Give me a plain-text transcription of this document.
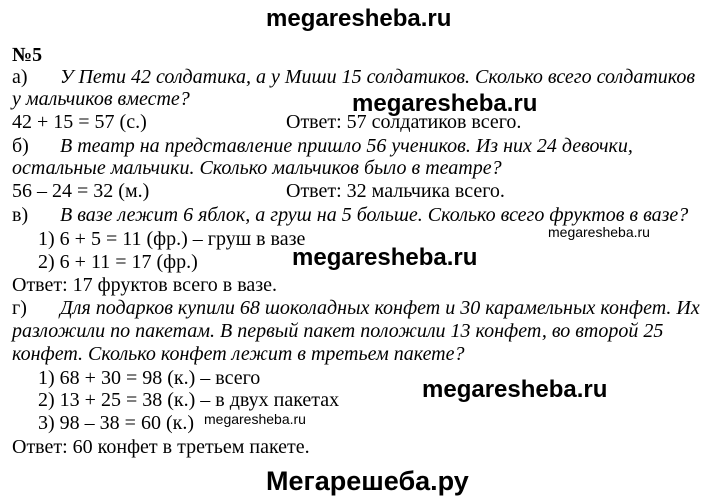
megaresheba.ru
№5
а) У Пети 42 солдатика, а у Миши 15 солдатиков. Сколько всего солдатиков
у мальчиков вместе?
42 + 15 = 57 (с.)	Ответ: 57 солдатиков всего.
megaresheba.ru
б) В театр на представление пришло 56 учеников. Из них 24 девочки,
остальные мальчики. Сколько мальчиков было в театре?
56 – 24 = 32 (м.)	Ответ: 32 мальчика всего.
в) В вазе лежит 6 яблок, а груш на 5 больше. Сколько всего фруктов в вазе?
megaresheba.ru
1) 6 + 5 = 11 (фр.) – груш в вазе
2) 6 + 11 = 17 (фр.)	megaresheba.ru
Ответ: 17 фруктов всего в вазе.
г) Для подарков купили 68 шоколадных конфет и 30 карамельных конфет. Их
разложили по пакетам. В первый пакет положили 13 конфет, во второй 25
конфет. Сколько конфет лежит в третьем пакете?
1) 68 + 30 = 98 (к.) – всего	megaresheba.ru
2) 13 + 25 = 38 (к.) – в двух пакетах
megaresheba.ru
3) 98 – 38 = 60 (к.)
Ответ: 60 конфет в третьем пакете.
Мегарешеба.ру
